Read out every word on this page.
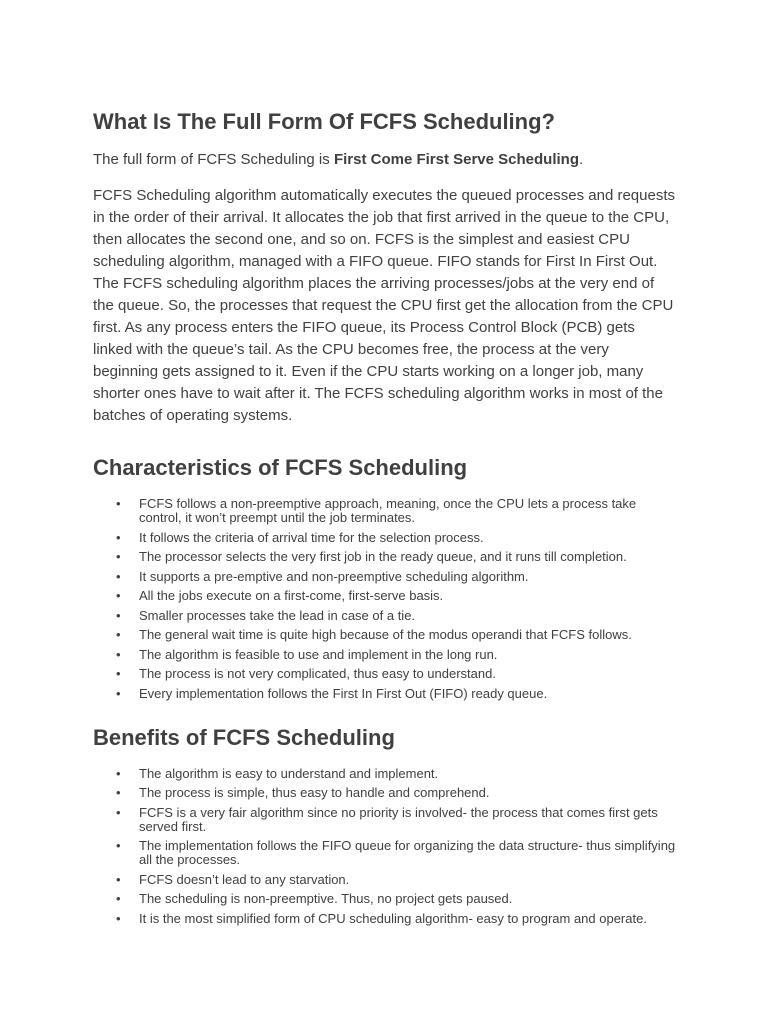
What Is The Full Form Of FCFS Scheduling?

The full form of FCFS Scheduling is First Come First Serve Scheduling.

FCFS Scheduling algorithm automatically executes the queued processes and requests in the order of their arrival. It allocates the job that first arrived in the queue to the CPU, then allocates the second one, and so on. FCFS is the simplest and easiest CPU scheduling algorithm, managed with a FIFO queue. FIFO stands for First In First Out. The FCFS scheduling algorithm places the arriving processes/jobs at the very end of the queue. So, the processes that request the CPU first get the allocation from the CPU first. As any process enters the FIFO queue, its Process Control Block (PCB) gets linked with the queue’s tail. As the CPU becomes free, the process at the very beginning gets assigned to it. Even if the CPU starts working on a longer job, many shorter ones have to wait after it. The FCFS scheduling algorithm works in most of the batches of operating systems.

Characteristics of FCFS Scheduling
• FCFS follows a non-preemptive approach, meaning, once the CPU lets a process take control, it won’t preempt until the job terminates.
• It follows the criteria of arrival time for the selection process.
• The processor selects the very first job in the ready queue, and it runs till completion.
• It supports a pre-emptive and non-preemptive scheduling algorithm.
• All the jobs execute on a first-come, first-serve basis.
• Smaller processes take the lead in case of a tie.
• The general wait time is quite high because of the modus operandi that FCFS follows.
• The algorithm is feasible to use and implement in the long run.
• The process is not very complicated, thus easy to understand.
• Every implementation follows the First In First Out (FIFO) ready queue.
Benefits of FCFS Scheduling
• The algorithm is easy to understand and implement.
• The process is simple, thus easy to handle and comprehend.
• FCFS is a very fair algorithm since no priority is involved- the process that comes first gets served first.
• The implementation follows the FIFO queue for organizing the data structure- thus simplifying all the processes.
• FCFS doesn’t lead to any starvation.
• The scheduling is non-preemptive. Thus, no project gets paused.
• It is the most simplified form of CPU scheduling algorithm- easy to program and operate.
